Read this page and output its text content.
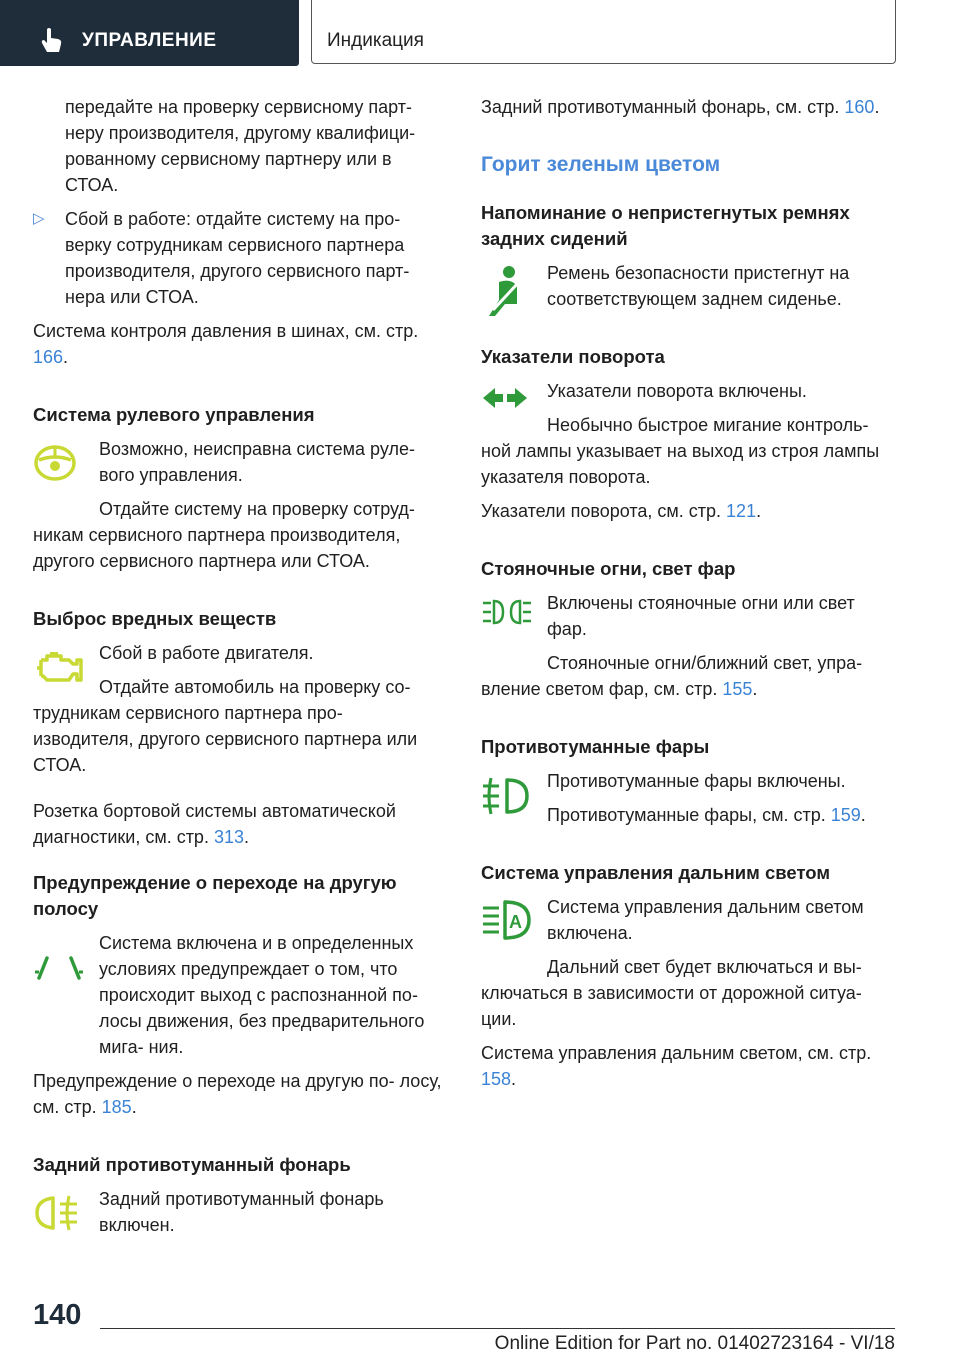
УПРАВЛЕНИЕ	Индикация

передайте на проверку сервисному парт- неру производителя, другому квалифици- рованному сервисному партнеру или в СТОА.

▷ Сбой в работе: отдайте систему на про- верку сотрудникам сервисного партнера производителя, другого сервисного парт- нера или СТОА.

Система контроля давления в шинах, см. стр. 166.

Система рулевого управления

Возможно, неисправна система руле- вого управления.

Отдайте систему на проверку сотруд- никам сервисного партнера производителя, другого сервисного партнера или СТОА.

Выброс вредных веществ

Сбой в работе двигателя.

Отдайте автомобиль на проверку со- трудникам сервисного партнера про- изводителя, другого сервисного партнера или СТОА.

Розетка бортовой системы автоматической диагностики, см. стр. 313.

Предупреждение о переходе на другую полосу

Система включена и в определенных условиях предупреждает о том, что происходит выход с распознанной по- лосы движения, без предварительного мига- ния.

Предупреждение о переходе на другую по- лосу, см. стр. 185.

Задний противотуманный фонарь

Задний противотуманный фонарь включен.

Задний противотуманный фонарь, см. стр. 160.

Горит зеленым цветом

Напоминание о непристегнутых ремнях задних сидений

Ремень безопасности пристегнут на соответствующем заднем сиденье.

Указатели поворота

Указатели поворота включены.

Необычно быстрое мигание контроль- ной лампы указывает на выход из строя лампы указателя поворота.

Указатели поворота, см. стр. 121.

Стояночные огни, свет фар

Включены стояночные огни или свет фар.

Стояночные огни/ближний свет, упра- вление светом фар, см. стр. 155.

Противотуманные фары

Противотуманные фары включены.

Противотуманные фары, см. стр. 159.

Система управления дальним светом

A

Система управления дальним светом включена.

Дальний свет будет включаться и вы- ключаться в зависимости от дорожной ситуа- ции.

Система управления дальним светом, см. стр. 158.

140
Online Edition for Part no. 01402723164 - VI/18
